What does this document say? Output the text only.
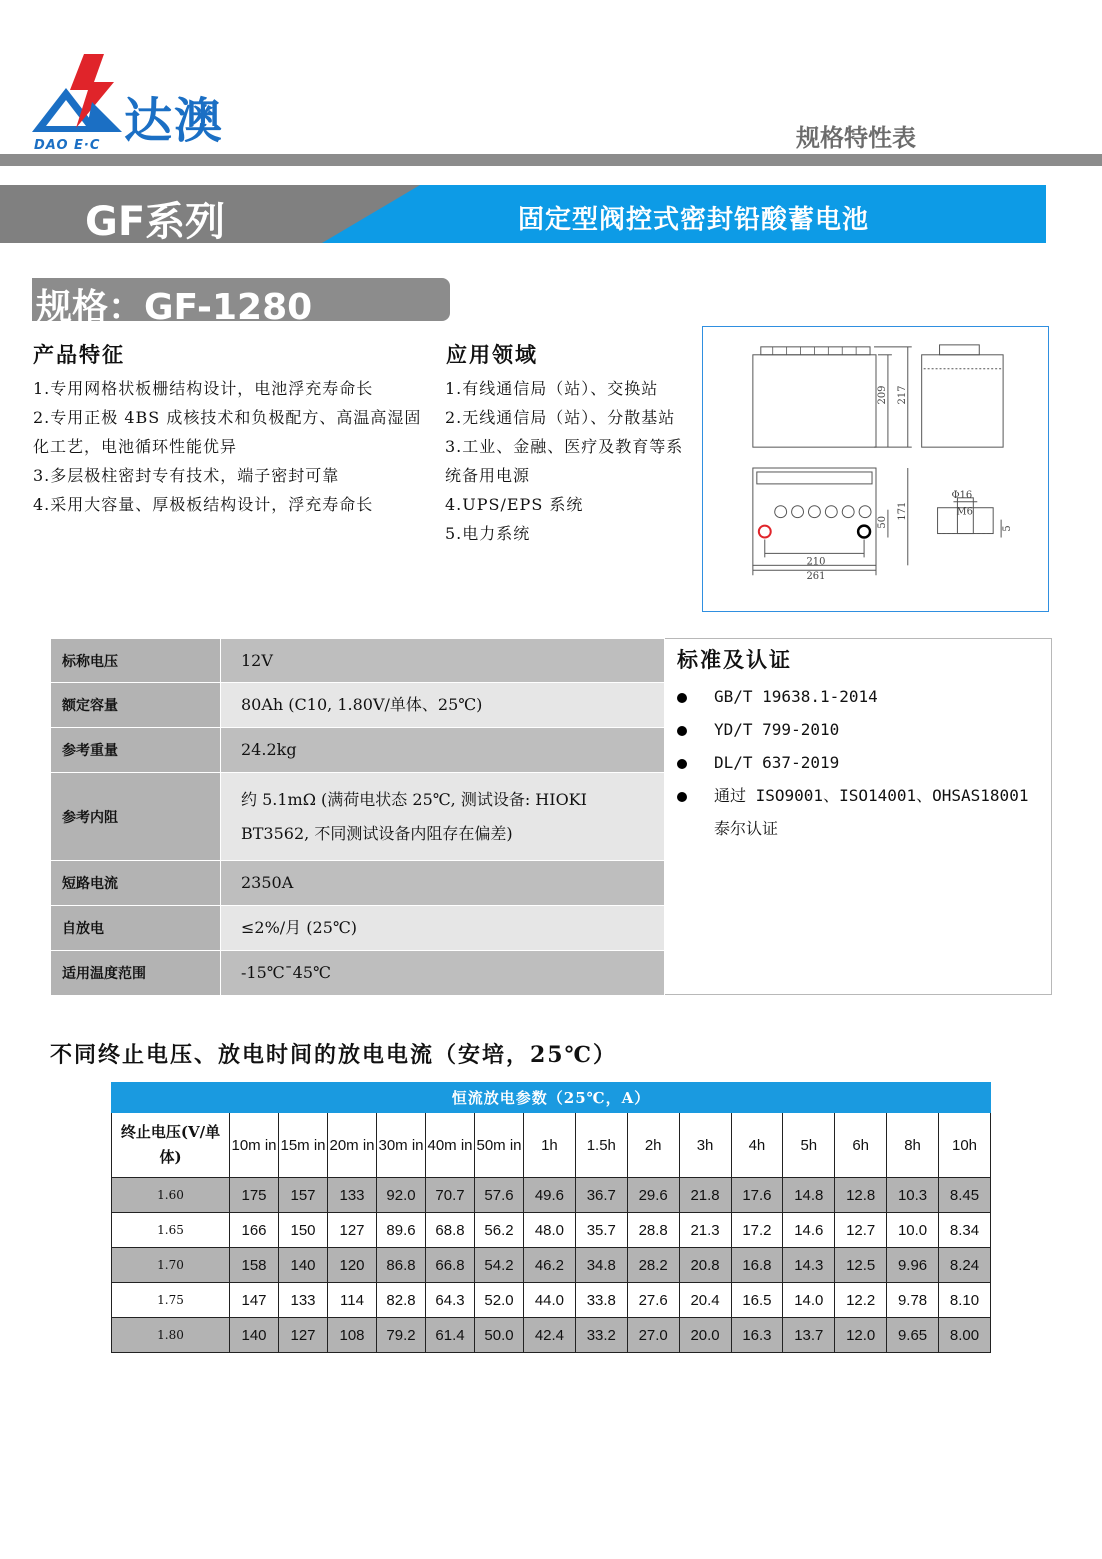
达澳
DAO E·C	规格特性表
GF系列	固定型阀控式密封铅酸蓄电池
规格：GF-1280
产品特征
1.专用网格状板栅结构设计，电池浮充寿命长
2.专用正极 4BS 成核技术和负极配方、高温高湿固化工艺，电池循环性能优异
3.多层极柱密封专有技术，端子密封可靠
4.采用大容量、厚极板结构设计，浮充寿命长
应用领域
1.有线通信局（站）、交换站
2.无线通信局（站）、分散基站
3.工业、金融、医疗及教育等系统备用电源
4.UPS/EPS 系统
5.电力系统
209 217
210
261
50
171
Φ16
M6
5
标称电压	12V
额定容量	80Ah (C10, 1.80V/单体、25℃)
参考重量	24.2kg
参考内阻	约 5.1mΩ (满荷电状态 25℃, 测试设备: HIOKI BT3562, 不同测试设备内阻存在偏差)
短路电流	2350A
自放电	≤2%/月 (25℃)
适用温度范围	-15℃¯45℃
标准及认证
GB/T 19638.1-2014
YD/T 799-2010
DL/T 637-2019
通过 ISO9001、ISO14001、OHSAS18001 泰尔认证
不同终止电压、放电时间的放电电流（安培，25℃）
恒流放电参数（25℃，A）															
终止电压(V/单体)	10m in	15m in	20m in	30m in	40m in	50m in	1h	1.5h	2h	3h	4h	5h	6h	8h	10h
1.60	175	157	133	92.0	70.7	57.6	49.6	36.7	29.6	21.8	17.6	14.8	12.8	10.3	8.45
1.65	166	150	127	89.6	68.8	56.2	48.0	35.7	28.8	21.3	17.2	14.6	12.7	10.0	8.34
1.70	158	140	120	86.8	66.8	54.2	46.2	34.8	28.2	20.8	16.8	14.3	12.5	9.96	8.24
1.75	147	133	114	82.8	64.3	52.0	44.0	33.8	27.6	20.4	16.5	14.0	12.2	9.78	8.10
1.80	140	127	108	79.2	61.4	50.0	42.4	33.2	27.0	20.0	16.3	13.7	12.0	9.65	8.00
